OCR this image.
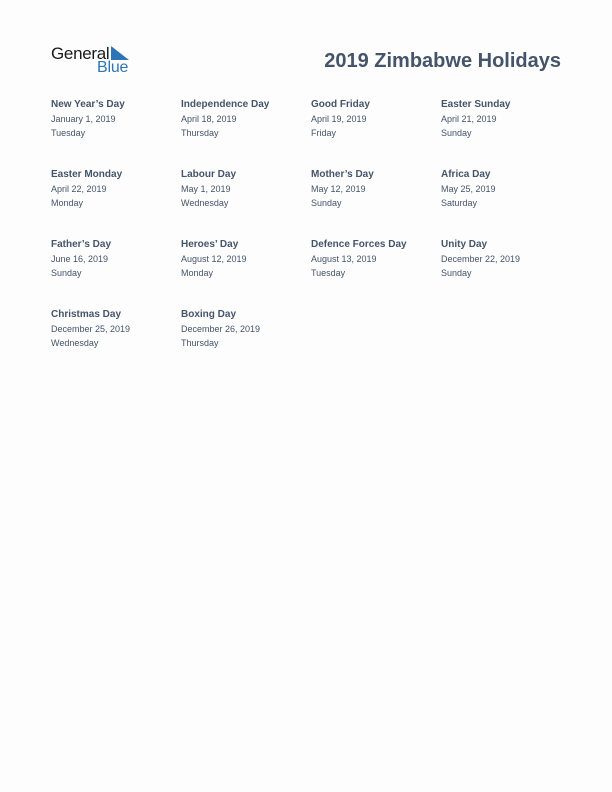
General
Blue	2019 Zimbabwe Holidays
New Year’s Day
January 1, 2019
Tuesday
Independence Day
April 18, 2019
Thursday
Good Friday
April 19, 2019
Friday
Easter Sunday
April 21, 2019
Sunday
Easter Monday
April 22, 2019
Monday
Labour Day
May 1, 2019
Wednesday
Mother’s Day
May 12, 2019
Sunday
Africa Day
May 25, 2019
Saturday
Father’s Day
June 16, 2019
Sunday
Heroes’ Day
August 12, 2019
Monday
Defence Forces Day
August 13, 2019
Tuesday
Unity Day
December 22, 2019
Sunday
Christmas Day
December 25, 2019
Wednesday
Boxing Day
December 26, 2019
Thursday
